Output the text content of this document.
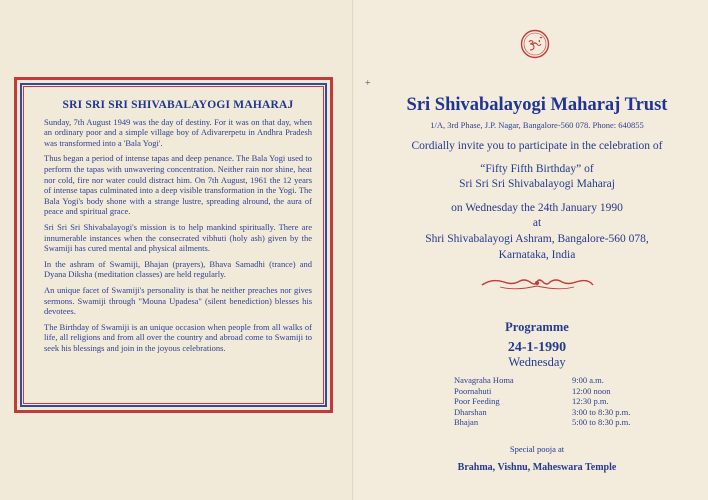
SRI SRI SRI SHIVABALAYOGI MAHARAJ

Sunday, 7th August 1949 was the day of destiny. For it was on that day, when an ordinary poor and a simple village boy of Adivarerpetu in Andhra Pradesh was transformed into a 'Bala Yogi'.

Thus began a period of intense tapas and deep penance. The Bala Yogi used to perform the tapas with unwavering concentration. Neither rain nor shine, heat nor cold, fire nor water could distract him. On 7th August, 1961 the 12 years of intense tapas culminated into a deep visible transformation in the Yogi. The Bala Yogi's body shone with a strange lustre, spreading alround, the aura of peace and spiritual grace.

Sri Sri Sri Shivabalayogi's mission is to help mankind spiritually. There are innumerable instances when the consecrated vibhuti (holy ash) given by the Swamiji has cured mental and physical ailments.

In the ashram of Swamiji, Bhajan (prayers), Bhava Samadhi (trance) and Dyana Diksha (meditation classes) are held regularly.

An unique facet of Swamiji's personality is that he neither preaches nor gives sermons. Swamiji through "Mouna Upadesa" (silent benediction) blesses his devotees.

The Birthday of Swamiji is an unique occasion when people from all walks of life, all religions and from all over the country and abroad come to Swamiji to seek his blessings and join in the joyous celebrations.

+
Sri Shivabalayogi Maharaj Trust
1/A, 3rd Phase, J.P. Nagar, Bangalore-560 078. Phone: 640855
Cordially invite you to participate in the celebration of
“Fifty Fifth Birthday” of
Sri Sri Sri Shivabalayogi Maharaj
on Wednesday the 24th January 1990
at
Shri Shivabalayogi Ashram, Bangalore-560 078,
Karnataka, India
Programme
24-1-1990
Wednesday
Navagraha Homa	9:00 a.m.
Poornahuti	12:00 noon
Poor Feeding	12:30 p.m.
Dharshan	3:00 to 8:30 p.m.
Bhajan	5:00 to 8:30 p.m.
Special pooja at
Brahma, Vishnu, Maheswara Temple
